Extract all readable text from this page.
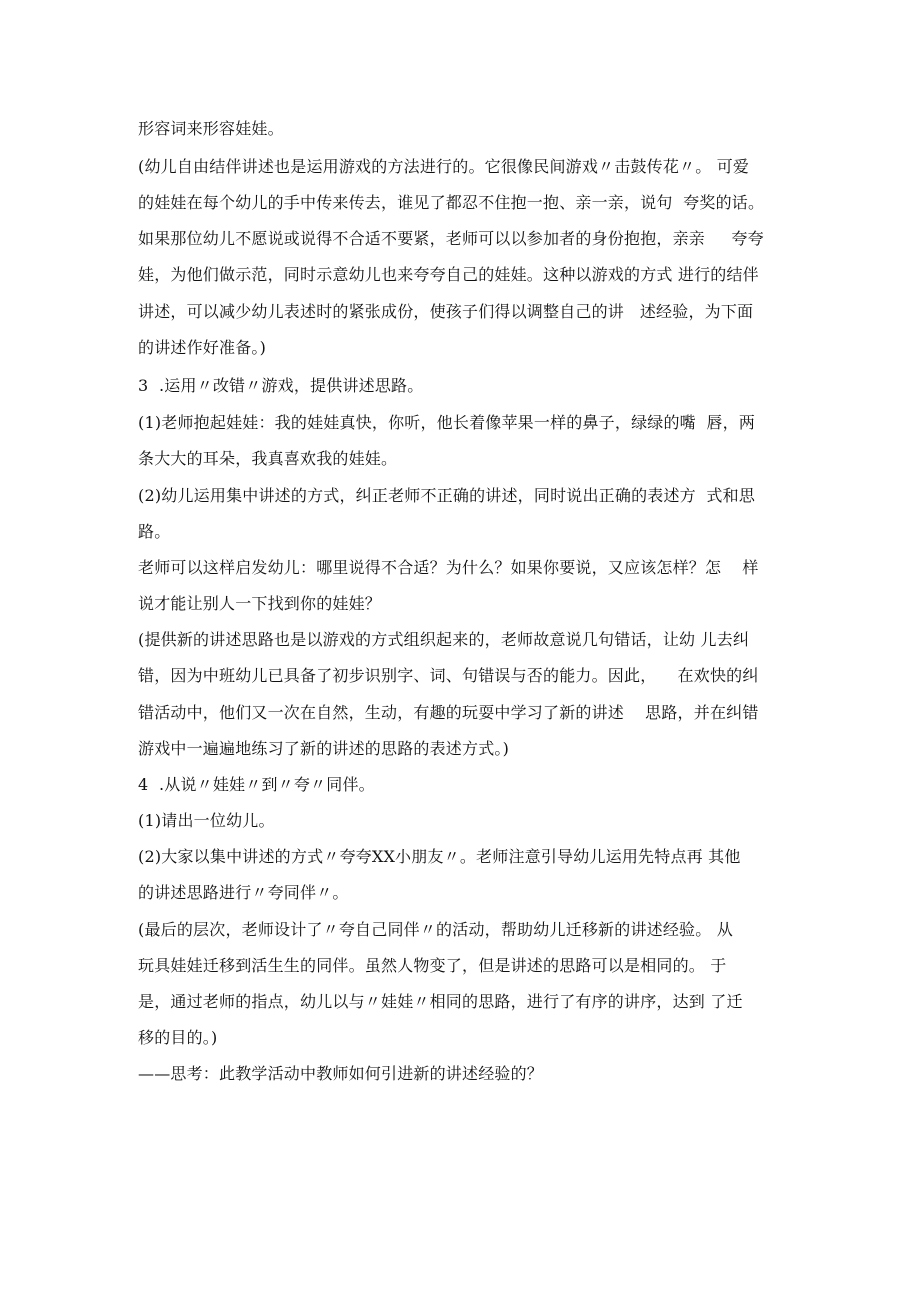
形容词来形容娃娃。
(幼儿自由结伴讲述也是运用游戏的方法进行的。它很像民间游戏〃击鼓传花〃。 可爱
的娃娃在每个幼儿的手中传来传去，谁见了都忍不住抱一抱、亲一亲，说句  夸奖的话。
如果那位幼儿不愿说或说得不合适不要紧，老师可以以参加者的身份抱抱，亲亲     夸夸
娃，为他们做示范，同时示意幼儿也来夸夸自己的娃娃。这种以游戏的方式 进行的结伴
讲述，可以减少幼儿表述时的紧张成份，使孩子们得以调整自己的讲   述经验，为下面
的讲述作好准备。)
3  .运用〃改错〃游戏，提供讲述思路。
(1)老师抱起娃娃：我的娃娃真快，你听，他长着像苹果一样的鼻子，绿绿的嘴  唇，两
条大大的耳朵，我真喜欢我的娃娃。
(2)幼儿运用集中讲述的方式，纠正老师不正确的讲述，同时说出正确的表述方  式和思
路。
老师可以这样启发幼儿：哪里说得不合适？为什么？如果你要说，又应该怎样？怎    样
说才能让别人一下找到你的娃娃？
(提供新的讲述思路也是以游戏的方式组织起来的，老师故意说几句错话，让幼 儿去纠
错，因为中班幼儿已具备了初步识别字、词、句错误与否的能力。因此，    在欢快的纠
错活动中，他们又一次在自然，生动，有趣的玩耍中学习了新的讲述    思路，并在纠错
游戏中一遍遍地练习了新的讲述的思路的表述方式。)
4  .从说〃娃娃〃到〃夸〃同伴。
(1)请出一位幼儿。
(2)大家以集中讲述的方式〃夸夸XX小朋友〃。老师注意引导幼儿运用先特点再 其他
的讲述思路进行〃夸同伴〃。
(最后的层次，老师设计了〃夸自己同伴〃的活动，帮助幼儿迁移新的讲述经验。 从
玩具娃娃迁移到活生生的同伴。虽然人物变了，但是讲述的思路可以是相同的。 于
是，通过老师的指点，幼儿以与〃娃娃〃相同的思路，进行了有序的讲序，达到 了迁
移的目的。)
——思考：此教学活动中教师如何引进新的讲述经验的？
